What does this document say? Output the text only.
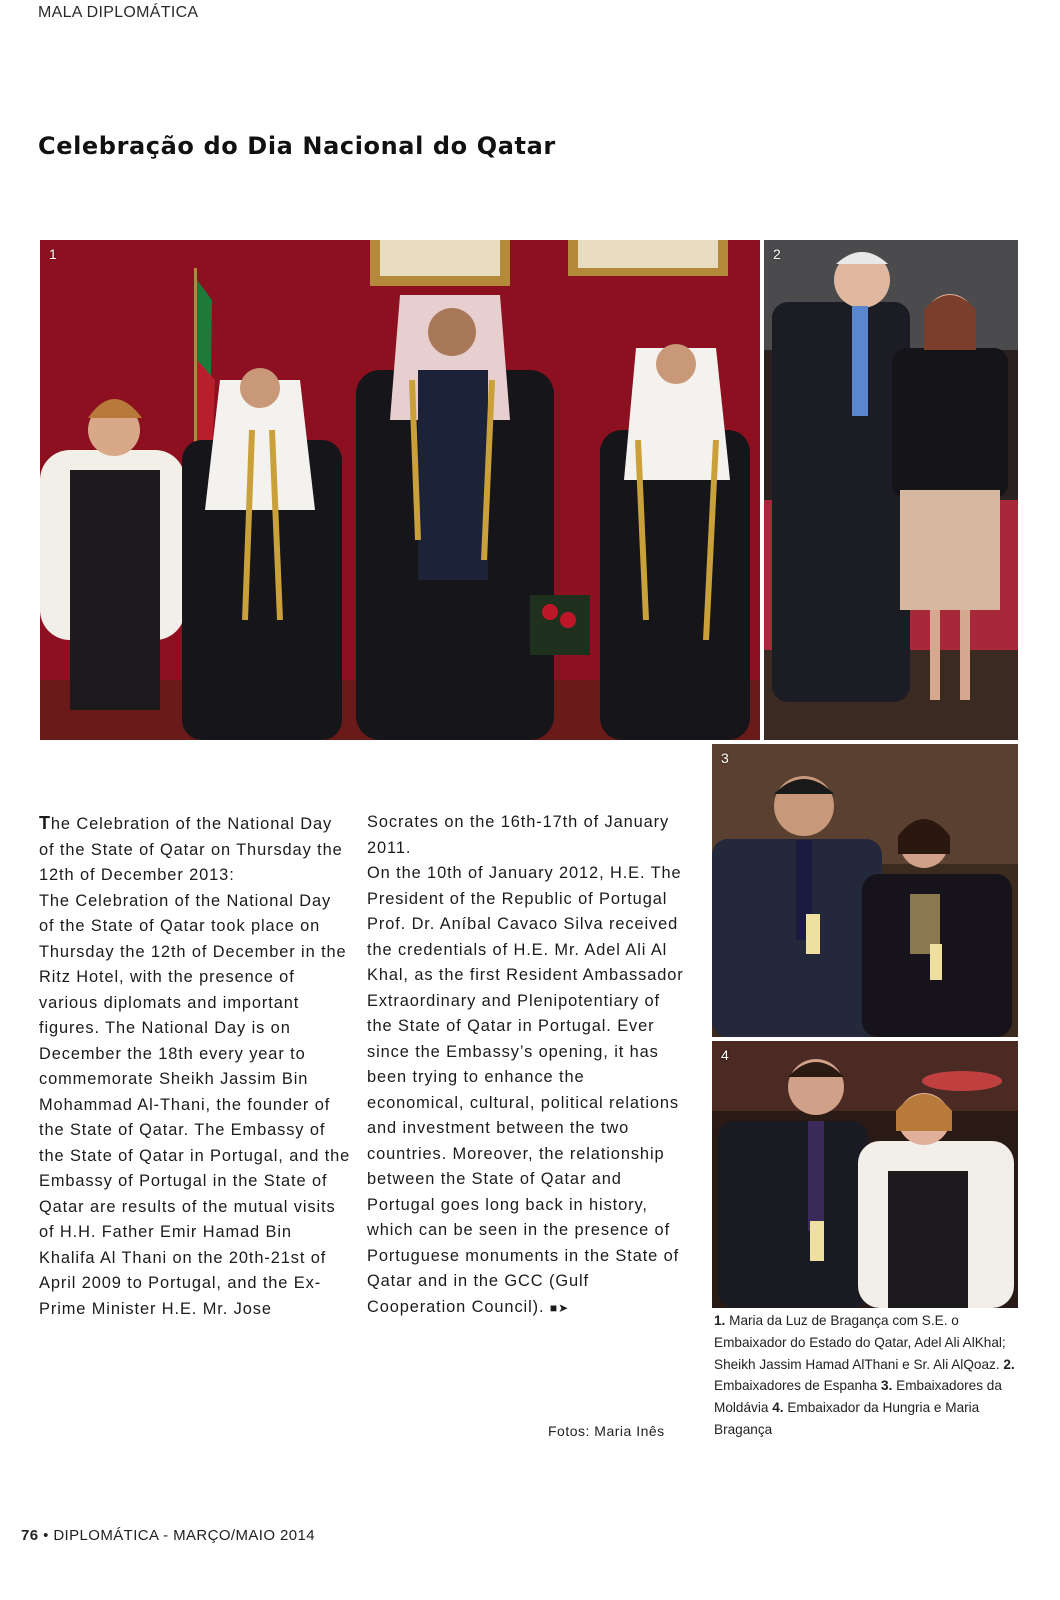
MALA DIPLOMÁTICA
Celebração do Dia Nacional do Qatar
1	2
3
4

The Celebration of the National Day of the State of Qatar on Thursday the 12th of December 2013:

The Celebration of the National Day of the State of Qatar took place on Thursday the 12th of December in the Ritz Hotel, with the presence of various diplomats and important figures. The National Day is on December the 18th every year to commemorate Sheikh Jassim Bin Mohammad Al-Thani, the founder of the State of Qatar. The Embassy of the State of Qatar in Portugal, and the Embassy of Portugal in the State of Qatar are results of the mutual visits of H.H. Father Emir Hamad Bin Khalifa Al Thani on the 20th-21st of April 2009 to Portugal, and the Ex-Prime Minister H.E. Mr. Jose

Socrates on the 16th-17th of January 2011.

On the 10th of January 2012, H.E. The President of the Republic of Portugal Prof. Dr. Aníbal Cavaco Silva received the credentials of H.E. Mr. Adel Ali Al Khal, as the first Resident Ambassador Extraordinary and Plenipotentiary of the State of Qatar in Portugal. Ever since the Embassy’s opening, it has been trying to enhance the economical, cultural, political relations and investment between the two countries. Moreover, the relationship between the State of Qatar and Portugal goes long back in history, which can be seen in the presence of Portuguese monuments in the State of Qatar and in the GCC (Gulf Cooperation Council). ■➤

Fotos: Maria Inês
1. Maria da Luz de Bragança com S.E. o Embaixador do Estado do Qatar, Adel Ali AlKhal; Sheikh Jassim Hamad AlThani e Sr. Ali AlQoaz. 2. Embaixadores de Espanha 3. Embaixadores da Moldávia 4. Embaixador da Hungria e Maria Bragança
76 • DIPLOMÁTICA - MARÇO/MAIO 2014
